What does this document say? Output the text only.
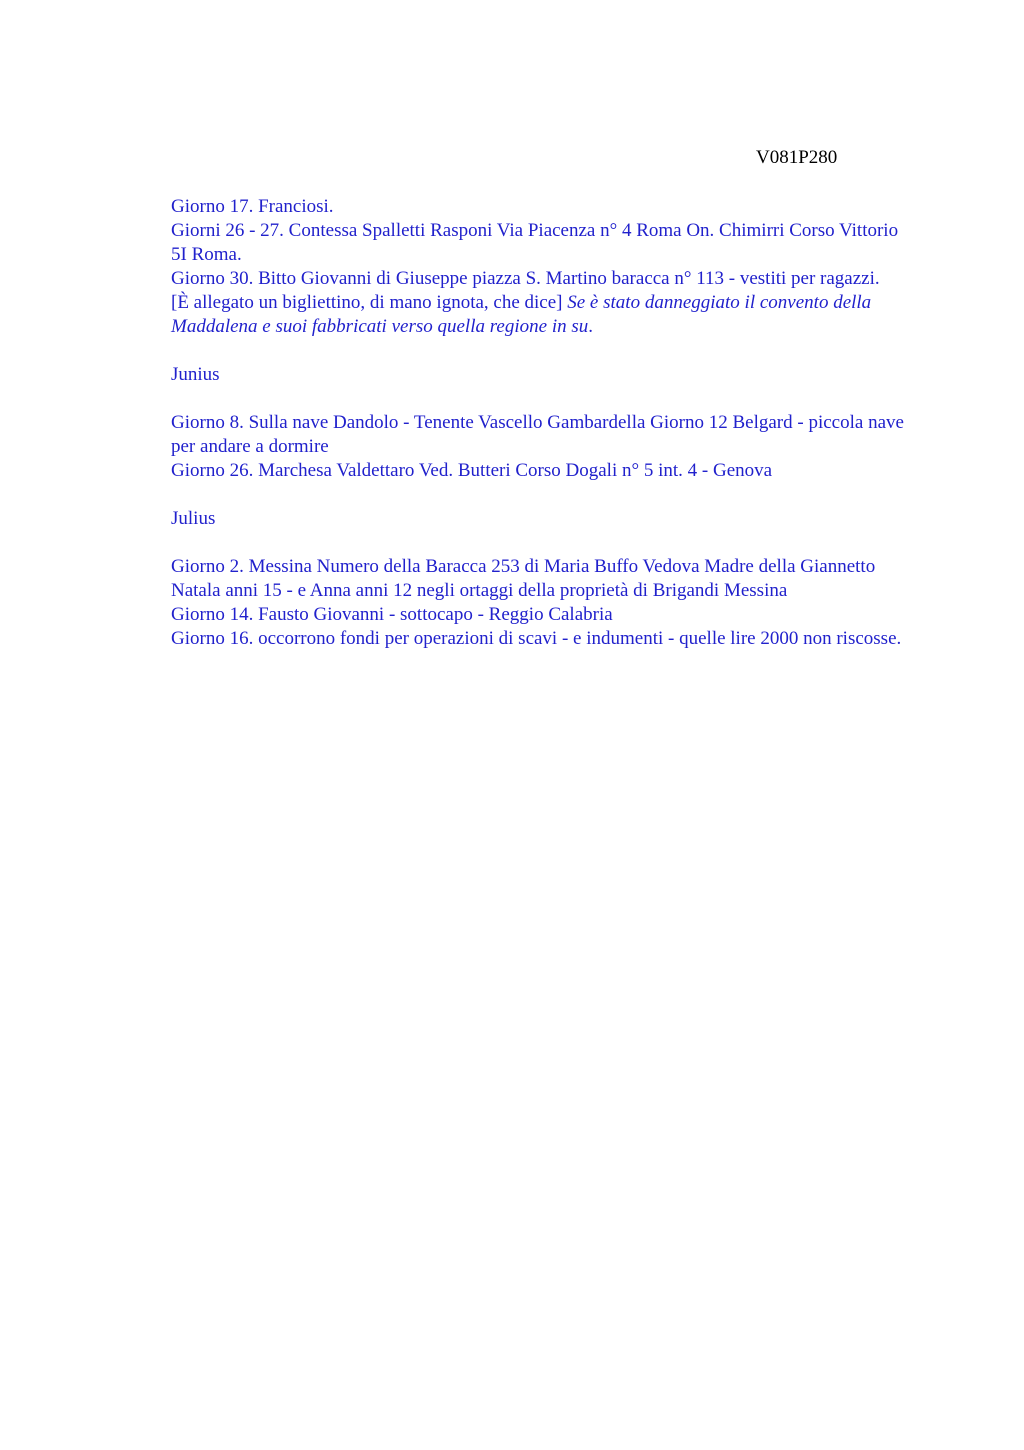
V081P280

Giorno 17. Franciosi.

Giorni 26 - 27. Contessa Spalletti Rasponi Via Piacenza n° 4 Roma On. Chimirri Corso Vittorio 5I Roma.

Giorno 30. Bitto Giovanni di Giuseppe piazza S. Martino baracca n° 113 - vestiti per ragazzi.

[È allegato un bigliettino, di mano ignota, che dice] Se è stato danneggiato il convento della Maddalena e suoi fabbricati verso quella regione in su.

Junius

Giorno 8. Sulla nave Dandolo - Tenente Vascello Gambardella Giorno 12 Belgard - piccola nave per andare a dormire

Giorno 26. Marchesa Valdettaro Ved. Butteri Corso Dogali n° 5 int. 4 - Genova

Julius

Giorno 2. Messina Numero della Baracca 253 di Maria Buffo Vedova Madre della Giannetto Natala anni 15 - e Anna anni 12 negli ortaggi della proprietà di Brigandi Messina

Giorno 14. Fausto Giovanni - sottocapo - Reggio Calabria

Giorno 16. occorrono fondi per operazioni di scavi - e indumenti - quelle lire 2000 non riscosse.
